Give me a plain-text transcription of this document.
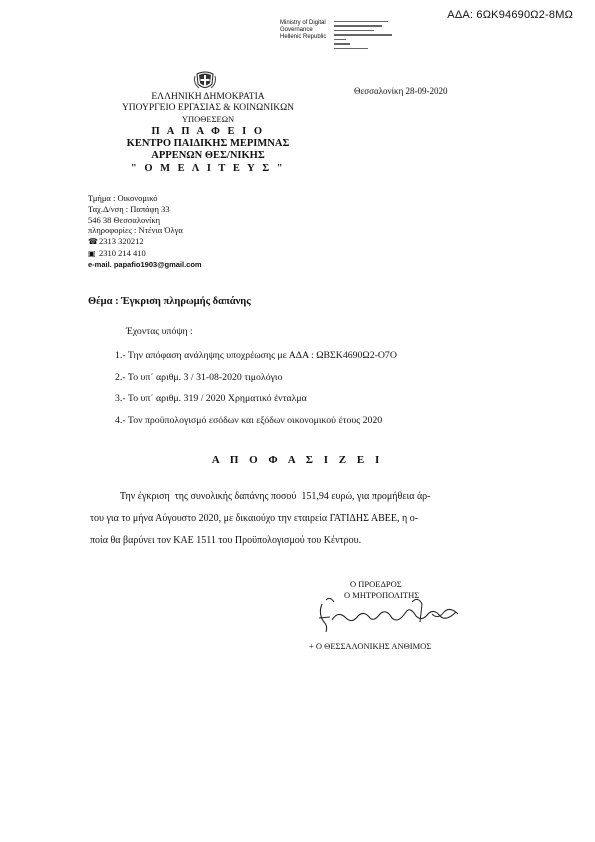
ΑΔΑ: 6ΩΚ94690Ω2-8ΜΩ
Ministry of Digital
Governance
Hellenic Republic
ΕΛΛΗΝΙΚΗ ΔΗΜΟΚΡΑΤΙΑ
ΥΠΟΥΡΓΕΙΟ ΕΡΓΑΣΙΑΣ & ΚΟΙΝΩΝΙΚΩΝ
ΥΠΟΘΕΣΕΩΝ
Π Α Π Α Φ Ε Ι Ο
ΚΕΝΤΡΟ ΠΑΙΔΙΚΗΣ ΜΕΡΙΜΝΑΣ
ΑΡΡΕΝΩΝ ΘΕΣ/ΝΙΚΗΣ
" Ο Μ Ε Λ Ι Τ Ε Υ Σ "
Θεσσαλονίκη 28-09-2020
Τμήμα : Οικονομικό
Ταχ.Δ/νση : Παπάφη 33
546 38 Θεσσαλονίκη
πληροφορίες : Ντένια Όλγα
☎2313 320212
▣ 2310 214 410
e-mail. papafio1903@gmail.com
Θέμα : Έγκριση πληρωμής δαπάνης
Έχοντας υπόψη :
1.- Την απόφαση ανάληψης υποχρέωσης με ΑΔΑ : ΩΒΣΚ4690Ω2-Ο7Ο
2.- Το υπ΄ αριθμ. 3 / 31-08-2020 τιμολόγιο
3.- Το υπ΄ αριθμ. 319 / 2020 Χρηματικό ένταλμα
4.- Τον προϋπολογισμό εσόδων και εξόδων οικονομικού έτους 2020
Α Π Ο Φ Α Σ Ι Ζ Ε Ι
Την έγκριση  της συνολικής δαπάνης ποσού  151,94 ευρώ, για προμήθεια άρ-
του για το μήνα Αύγουστο 2020, με δικαιούχο την εταιρεία ΓΑΤΙΔΗΣ ΑΒΕΕ, η ο-
ποία θα βαρύνει τον ΚΑΕ 1511 του Προϋπολογισμού του Κέντρου.
Ο ΠΡΟΕΔΡΟΣ
Ο ΜΗΤΡΟΠΟΛΙΤΗΣ
+ Ο ΘΕΣΣΑΛΟΝΙΚΗΣ ΑΝΘΙΜΟΣ
